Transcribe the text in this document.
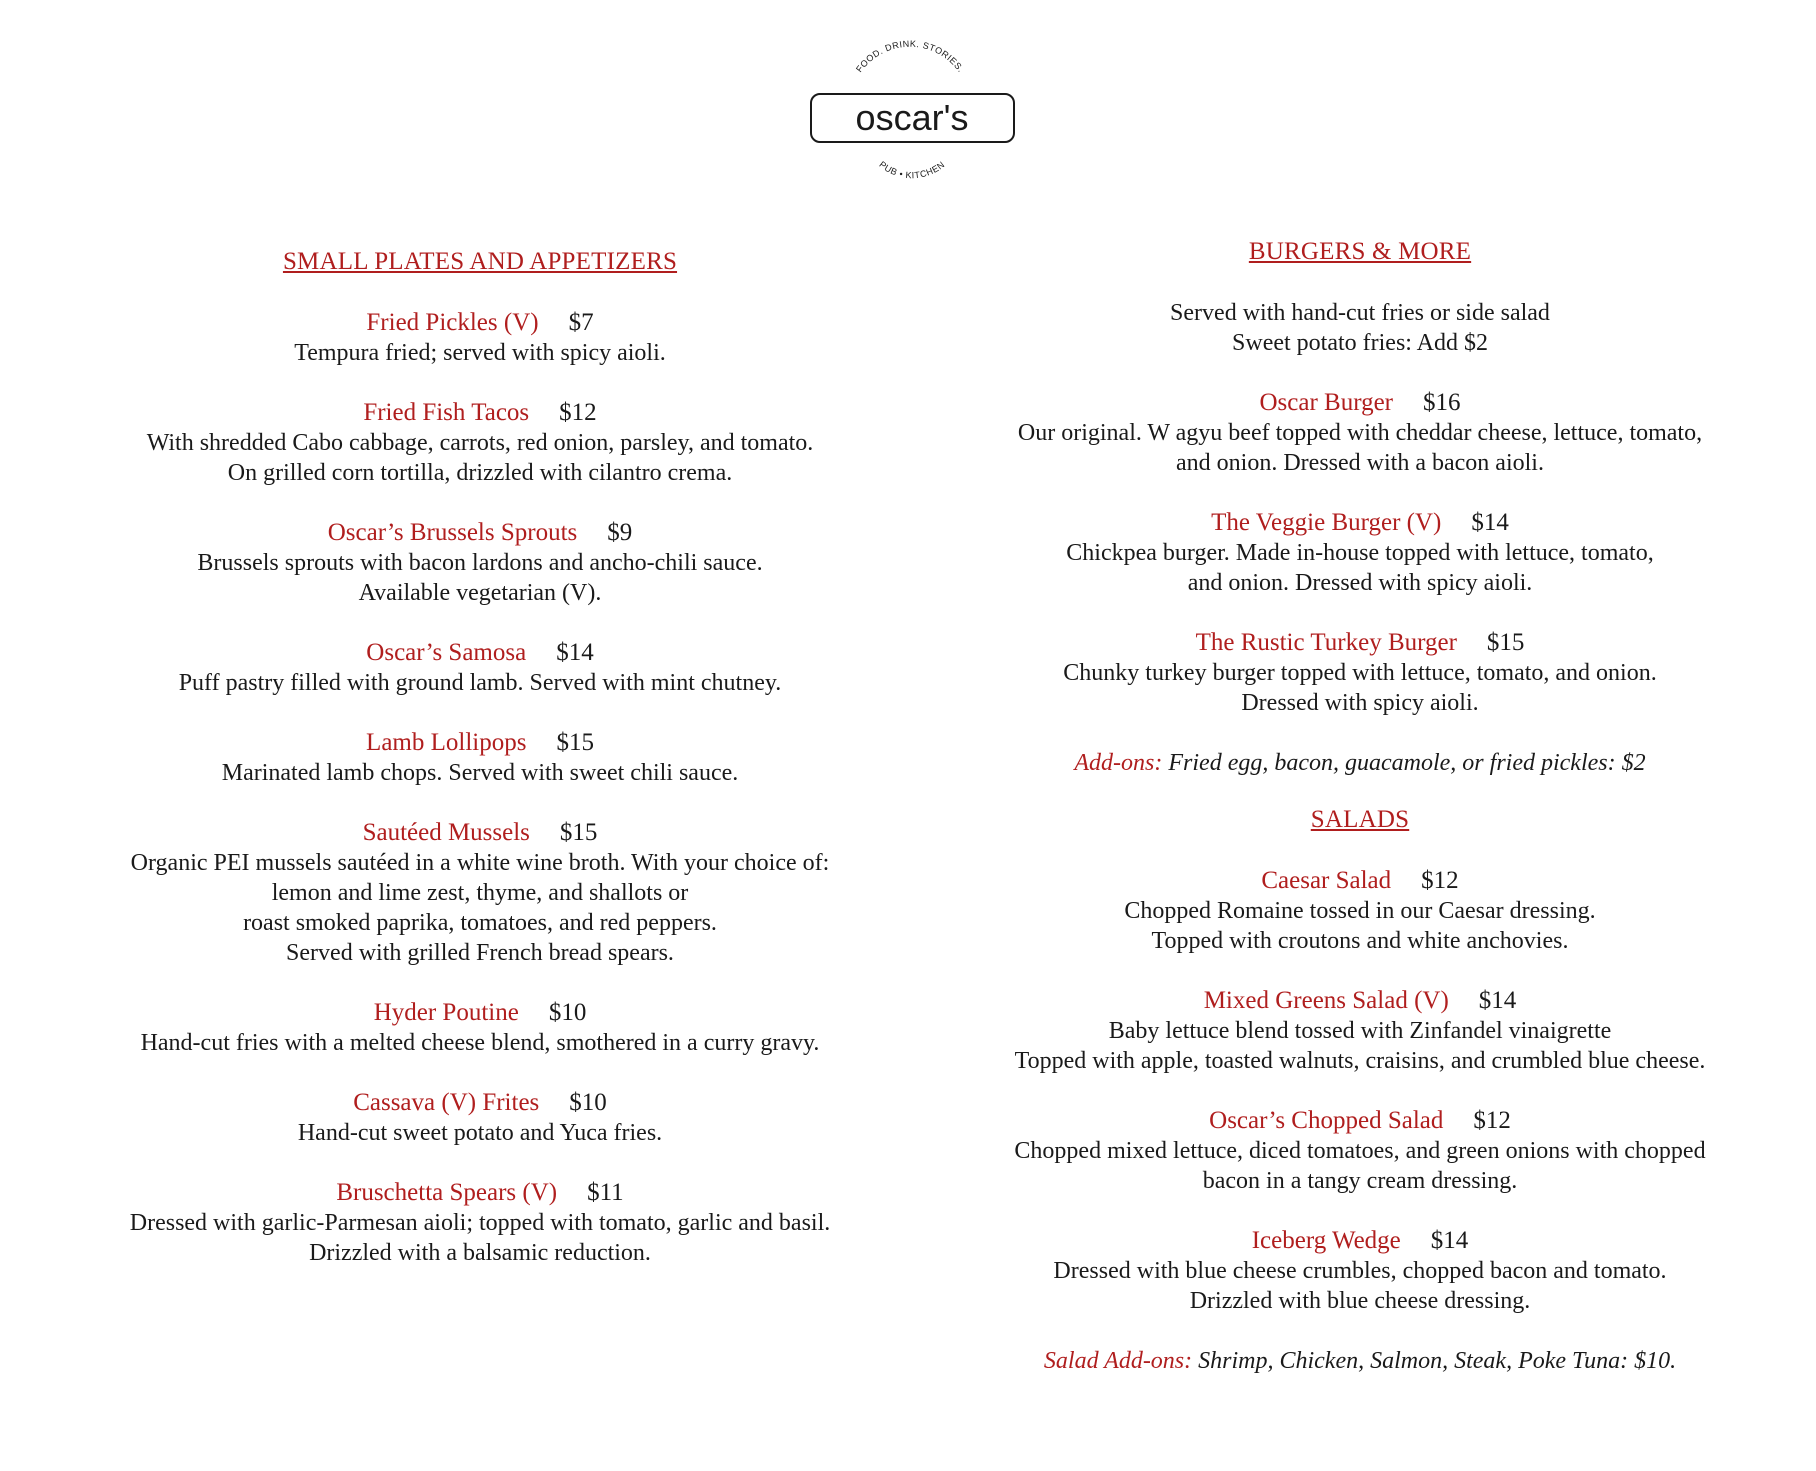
FOOD. DRINK. STORIES.
oscar's
PUB • KITCHEN

SMALL PLATES AND APPETIZERS

Fried Pickles (V) $7
Tempura fried; served with spicy aioli.
Fried Fish Tacos $12
With shredded Cabo cabbage, carrots, red onion, parsley, and tomato.
On grilled corn tortilla, drizzled with cilantro crema.
Oscar’s Brussels Sprouts $9
Brussels sprouts with bacon lardons and ancho-chili sauce.
Available vegetarian (V).
Oscar’s Samosa $14
Puff pastry filled with ground lamb. Served with mint chutney.
Lamb Lollipops $15
Marinated lamb chops. Served with sweet chili sauce.
Sautéed Mussels $15
Organic PEI mussels sautéed in a white wine broth. With your choice of:
lemon and lime zest, thyme, and shallots or
roast smoked paprika, tomatoes, and red peppers.
Served with grilled French bread spears.
Hyder Poutine $10
Hand-cut fries with a melted cheese blend, smothered in a curry gravy.
Cassava (V) Frites $10
Hand-cut sweet potato and Yuca fries.
Bruschetta Spears (V) $11
Dressed with garlic-Parmesan aioli; topped with tomato, garlic and basil.
Drizzled with a balsamic reduction.

BURGERS & MORE

Served with hand-cut fries or side salad
Sweet potato fries: Add $2
Oscar Burger $16
Our original. W agyu beef topped with cheddar cheese, lettuce, tomato,
and onion. Dressed with a bacon aioli.
The Veggie Burger (V) $14
Chickpea burger. Made in-house topped with lettuce, tomato,
and onion. Dressed with spicy aioli.
The Rustic Turkey Burger $15
Chunky turkey burger topped with lettuce, tomato, and onion.
Dressed with spicy aioli.
Add-ons: Fried egg, bacon, guacamole, or fried pickles: $2

SALADS

Caesar Salad $12
Chopped Romaine tossed in our Caesar dressing.
Topped with croutons and white anchovies.
Mixed Greens Salad (V) $14
Baby lettuce blend tossed with Zinfandel vinaigrette
Topped with apple, toasted walnuts, craisins, and crumbled blue cheese.
Oscar’s Chopped Salad $12
Chopped mixed lettuce, diced tomatoes, and green onions with chopped
bacon in a tangy cream dressing.
Iceberg Wedge $14
Dressed with blue cheese crumbles, chopped bacon and tomato.
Drizzled with blue cheese dressing.
Salad Add-ons: Shrimp, Chicken, Salmon, Steak, Poke Tuna: $10.
